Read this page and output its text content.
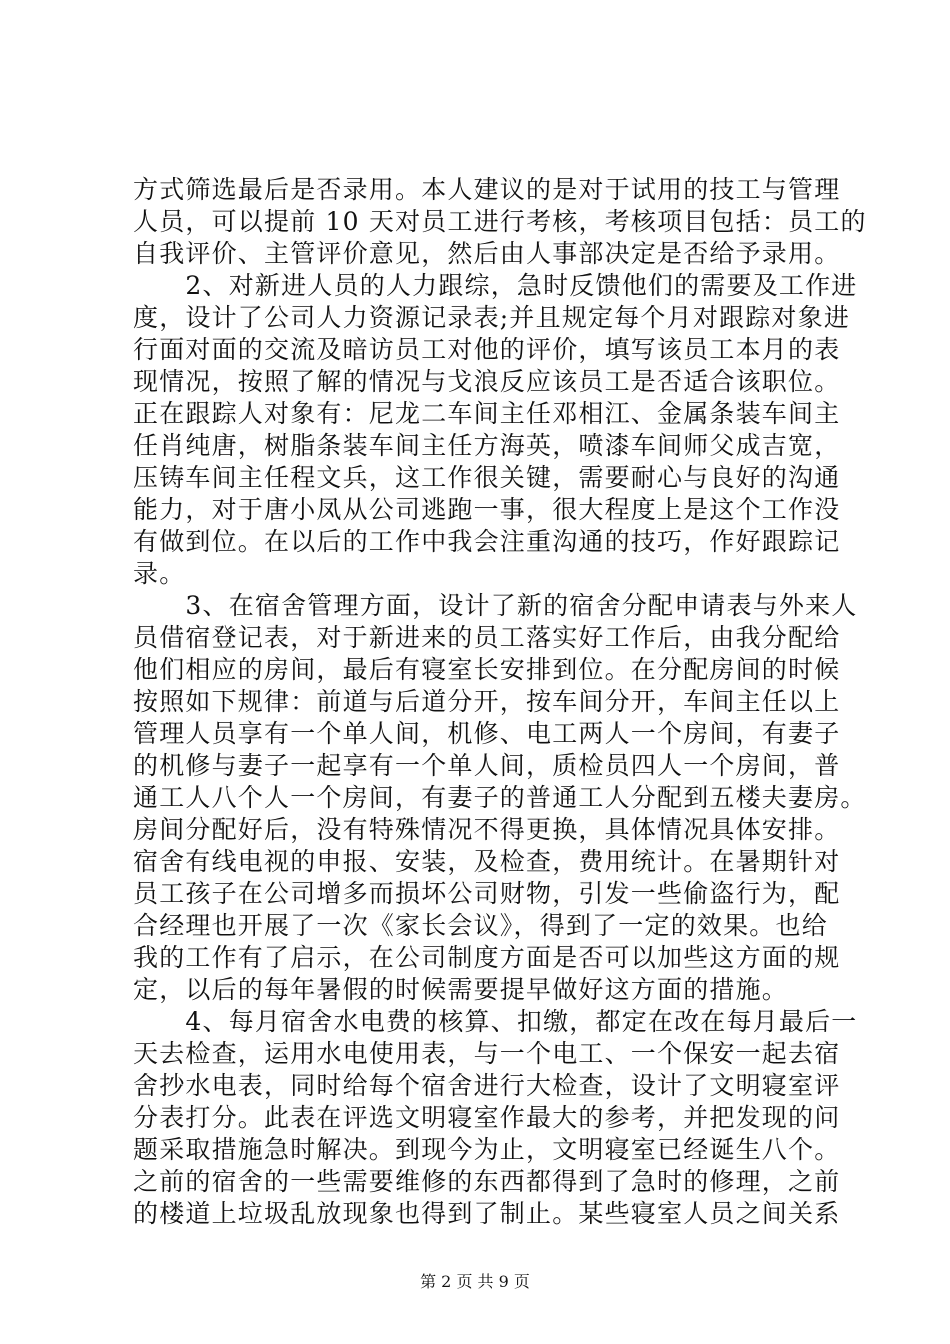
方式筛选最后是否录用。本人建议的是对于试用的技工与管理
人员，可以提前 10 天对员工进行考核，考核项目包括：员工的
自我评价、主管评价意见，然后由人事部决定是否给予录用。
　　2、对新进人员的人力跟综，急时反馈他们的需要及工作进
度，设计了公司人力资源记录表;并且规定每个月对跟踪对象进
行面对面的交流及暗访员工对他的评价，填写该员工本月的表
现情况，按照了解的情况与戈浪反应该员工是否适合该职位。
正在跟踪人对象有：尼龙二车间主任邓相江、金属条装车间主
任肖纯唐，树脂条装车间主任方海英，喷漆车间师父成吉宽，
压铸车间主任程文兵，这工作很关键，需要耐心与良好的沟通
能力，对于唐小凤从公司逃跑一事，很大程度上是这个工作没
有做到位。在以后的工作中我会注重沟通的技巧，作好跟踪记
录。
　　3、在宿舍管理方面，设计了新的宿舍分配申请表与外来人
员借宿登记表，对于新进来的员工落实好工作后，由我分配给
他们相应的房间，最后有寝室长安排到位。在分配房间的时候
按照如下规律：前道与后道分开，按车间分开，车间主任以上
管理人员享有一个单人间，机修、电工两人一个房间，有妻子
的机修与妻子一起享有一个单人间，质检员四人一个房间，普
通工人八个人一个房间，有妻子的普通工人分配到五楼夫妻房。
房间分配好后，没有特殊情况不得更换，具体情况具体安排。
宿舍有线电视的申报、安装，及检查，费用统计。在暑期针对
员工孩子在公司增多而损坏公司财物，引发一些偷盗行为，配
合经理也开展了一次《家长会议》，得到了一定的效果。也给
我的工作有了启示，在公司制度方面是否可以加些这方面的规
定，以后的每年暑假的时候需要提早做好这方面的措施。
　　4、每月宿舍水电费的核算、扣缴，都定在改在每月最后一
天去检查，运用水电使用表，与一个电工、一个保安一起去宿
舍抄水电表，同时给每个宿舍进行大检查，设计了文明寝室评
分表打分。此表在评选文明寝室作最大的参考，并把发现的问
题采取措施急时解决。到现今为止，文明寝室已经诞生八个。
之前的宿舍的一些需要维修的东西都得到了急时的修理，之前
的楼道上垃圾乱放现象也得到了制止。某些寝室人员之间关系
第 2 页 共 9 页
